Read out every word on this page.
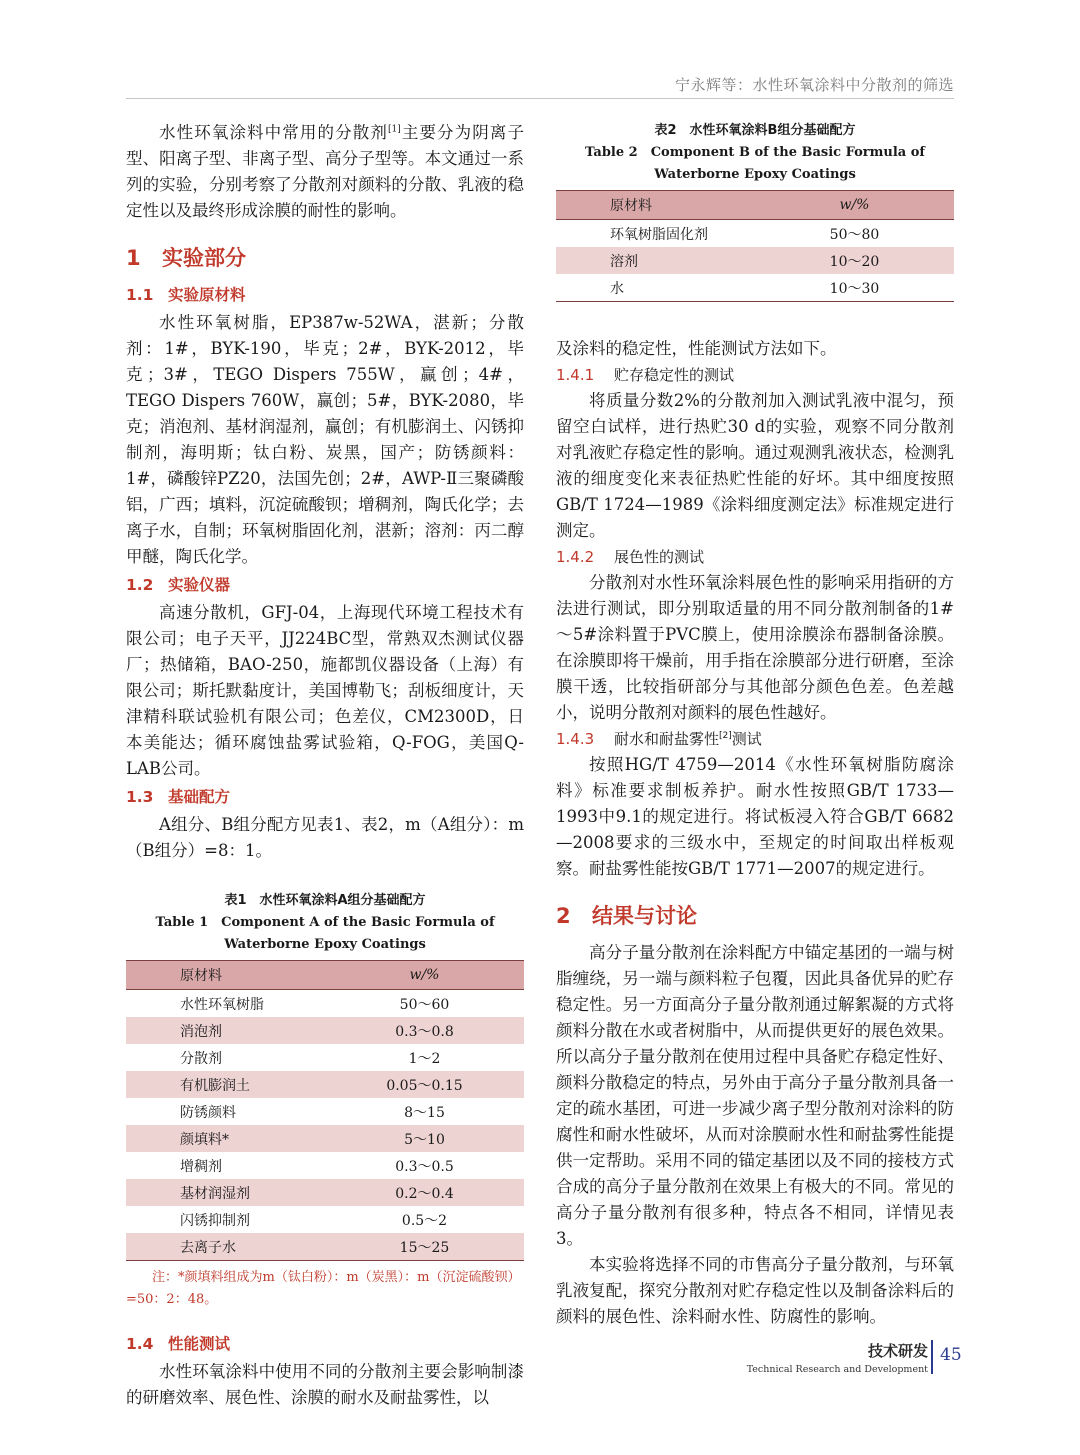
宁永辉等：水性环氧涂料中分散剂的筛选

水性环氧涂料中常用的分散剂[1]主要分为阴离子型、阳离子型、非离子型、高分子型等。本文通过一系列的实验，分别考察了分散剂对颜料的分散、乳液的稳定性以及最终形成涂膜的耐性的影响。

1 实验部分
1.1 实验原材料

水性环氧树脂，EP387w-52WA，湛新；分散剂：1#，BYK-190，毕克；2#，BYK-2012，毕克；3#，TEGO Dispers 755W，赢创；4#，TEGO Dispers 760W，赢创；5#，BYK-2080，毕克；消泡剂、基材润湿剂，赢创；有机膨润土、闪锈抑制剂，海明斯；钛白粉、炭黑，国产；防锈颜料：1#，磷酸锌PZ20，法国先创；2#，AWP-Ⅱ三聚磷酸铝，广西；填料，沉淀硫酸钡；增稠剂，陶氏化学；去离子水，自制；环氧树脂固化剂，湛新；溶剂：丙二醇甲醚，陶氏化学。

1.2 实验仪器

高速分散机，GFJ-04，上海现代环境工程技术有限公司；电子天平，JJ224BC型，常熟双杰测试仪器厂；热储箱，BAO-250，施都凯仪器设备（上海）有限公司；斯托默黏度计，美国博勒飞；刮板细度计，天津精科联试验机有限公司；色差仪，CM2300D，日本美能达；循环腐蚀盐雾试验箱，Q-FOG，美国Q-LAB公司。

1.3 基础配方

A组分、B组分配方见表1、表2，m（A组分）：m（B组分）=8：1。

表1　水性环氧涂料A组分基础配方

Table 1　Component A of the Basic Formula of

Waterborne Epoxy Coatings

原材料	w/%
水性环氧树脂	50～60
消泡剂	0.3～0.8
分散剂	1～2
有机膨润土	0.05～0.15
防锈颜料	8～15
颜填料*	5～10
增稠剂	0.3～0.5
基材润湿剂	0.2～0.4
闪锈抑制剂	0.5～2
去离子水	15～25

注：*颜填料组成为m（钛白粉）：m（炭黑）：m（沉淀硫酸钡）=50：2：48。

1.4 性能测试

水性环氧涂料中使用不同的分散剂主要会影响制漆的研磨效率、展色性、涂膜的耐水及耐盐雾性，以

表2　水性环氧涂料B组分基础配方

Table 2　Component B of the Basic Formula of

Waterborne Epoxy Coatings

原材料	w/%
环氧树脂固化剂	50～80
溶剂	10～20
水	10～30

及涂料的稳定性，性能测试方法如下。

1.4.1 贮存稳定性的测试

将质量分数2%的分散剂加入测试乳液中混匀，预留空白试样，进行热贮30 d的实验，观察不同分散剂对乳液贮存稳定性的影响。通过观测乳液状态，检测乳液的细度变化来表征热贮性能的好坏。其中细度按照GB/T 1724—1989《涂料细度测定法》标准规定进行测定。

1.4.2 展色性的测试

分散剂对水性环氧涂料展色性的影响采用指研的方法进行测试，即分别取适量的用不同分散剂制备的1#～5#涂料置于PVC膜上，使用涂膜涂布器制备涂膜。在涂膜即将干燥前，用手指在涂膜部分进行研磨，至涂膜干透，比较指研部分与其他部分颜色色差。色差越小，说明分散剂对颜料的展色性越好。

1.4.3 耐水和耐盐雾性[2]测试

按照HG/T 4759—2014《水性环氧树脂防腐涂料》标准要求制板养护。耐水性按照GB/T 1733—1993中9.1的规定进行。将试板浸入符合GB/T 6682—2008要求的三级水中，至规定的时间取出样板观察。耐盐雾性能按GB/T 1771—2007的规定进行。

2 结果与讨论

高分子量分散剂在涂料配方中锚定基团的一端与树脂缠绕，另一端与颜料粒子包覆，因此具备优异的贮存稳定性。另一方面高分子量分散剂通过解絮凝的方式将颜料分散在水或者树脂中，从而提供更好的展色效果。所以高分子量分散剂在使用过程中具备贮存稳定性好、颜料分散稳定的特点，另外由于高分子量分散剂具备一定的疏水基团，可进一步减少离子型分散剂对涂料的防腐性和耐水性破坏，从而对涂膜耐水性和耐盐雾性能提供一定帮助。采用不同的锚定基团以及不同的接枝方式合成的高分子量分散剂在效果上有极大的不同。常见的高分子量分散剂有很多种，特点各不相同，详情见表3。

本实验将选择不同的市售高分子量分散剂，与环氧乳液复配，探究分散剂对贮存稳定性以及制备涂料后的颜料的展色性、涂料耐水性、防腐性的影响。

技术研发
Technical Research and Development
45
